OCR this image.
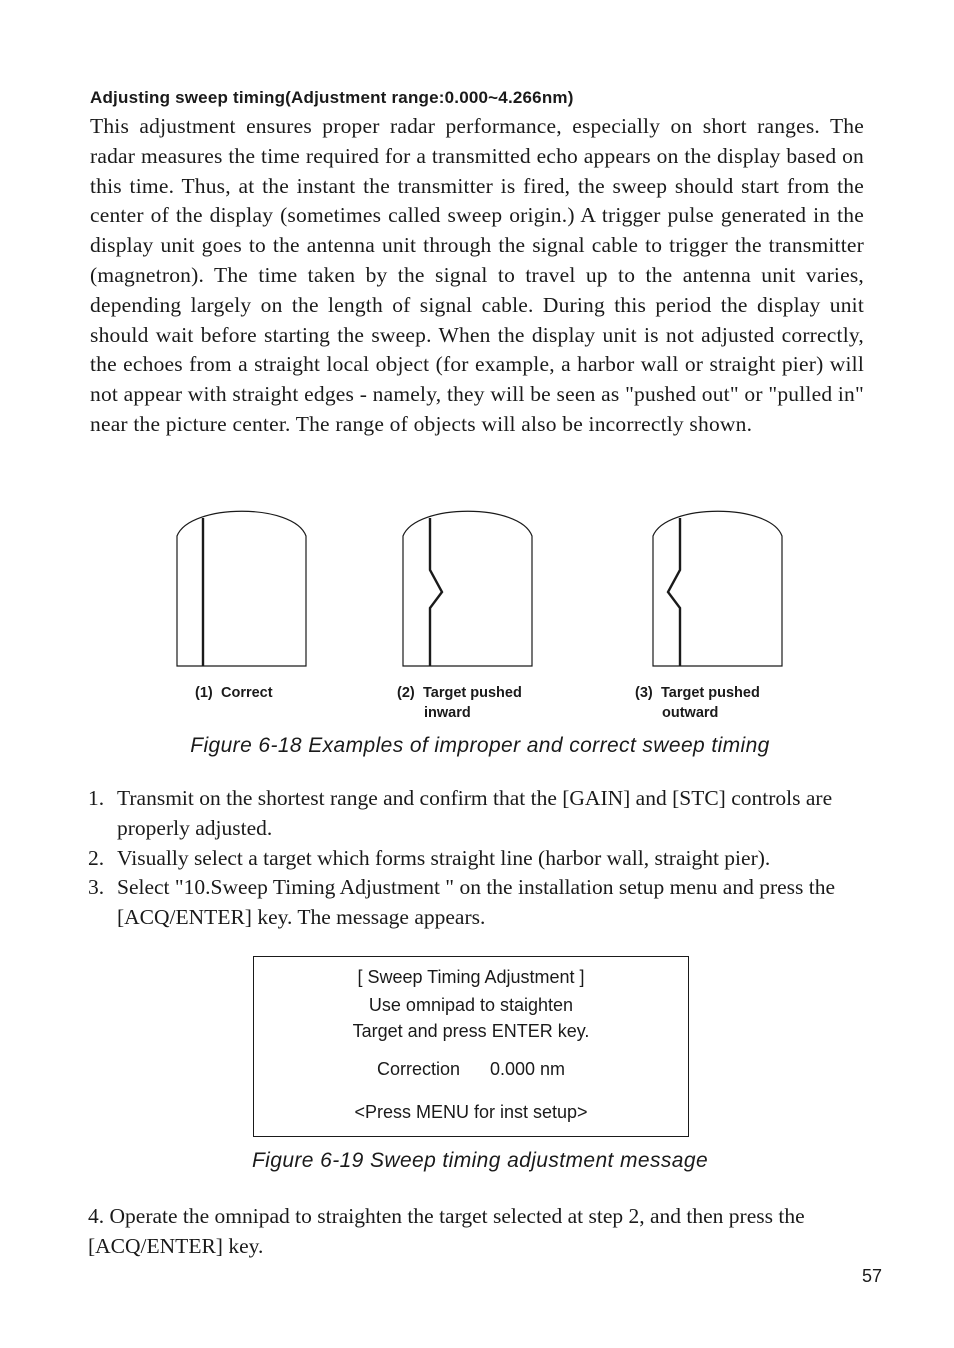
Adjusting sweep timing(Adjustment range:0.000~4.266nm)

This adjustment ensures proper radar performance, especially on short ranges. The radar measures the time required for a transmitted echo appears on the display based on this time. Thus, at the instant the transmitter is fired, the sweep should start from the center of the display (sometimes called sweep origin.) A trigger pulse generated in the display unit goes to the antenna unit through the signal cable to trigger the transmitter (magnetron). The time taken by the signal to travel up to the antenna unit varies, depending largely on the length of signal cable. During this period the display unit should wait before starting the sweep. When the display unit is not adjusted correctly, the echoes from a straight local object (for example, a harbor wall or straight pier) will not appear with straight edges - namely, they will be seen as "pushed out" or "pulled in" near the picture center. The range of objects will also be incorrectly shown.

(1) Correct	(2) Target pushed
inward
(3) Target pushed
outward
Figure 6-18 Examples of improper and correct sweep timing
1. Transmit on the shortest range and confirm that the [GAIN] and [STC] controls are properly adjusted.
2. Visually select a target which forms straight line (harbor wall, straight pier).
3. Select "10.Sweep Timing Adjustment " on the installation setup menu and press the [ACQ/ENTER] key. The message appears.
[ Sweep Timing Adjustment ]
Use omnipad to staighten
Target and press ENTER key.
Correction 0.000 nm
<Press MENU for inst setup>
Figure 6-19 Sweep timing adjustment message

4. Operate the omnipad to straighten the target selected at step 2, and then press the [ACQ/ENTER] key.

57
